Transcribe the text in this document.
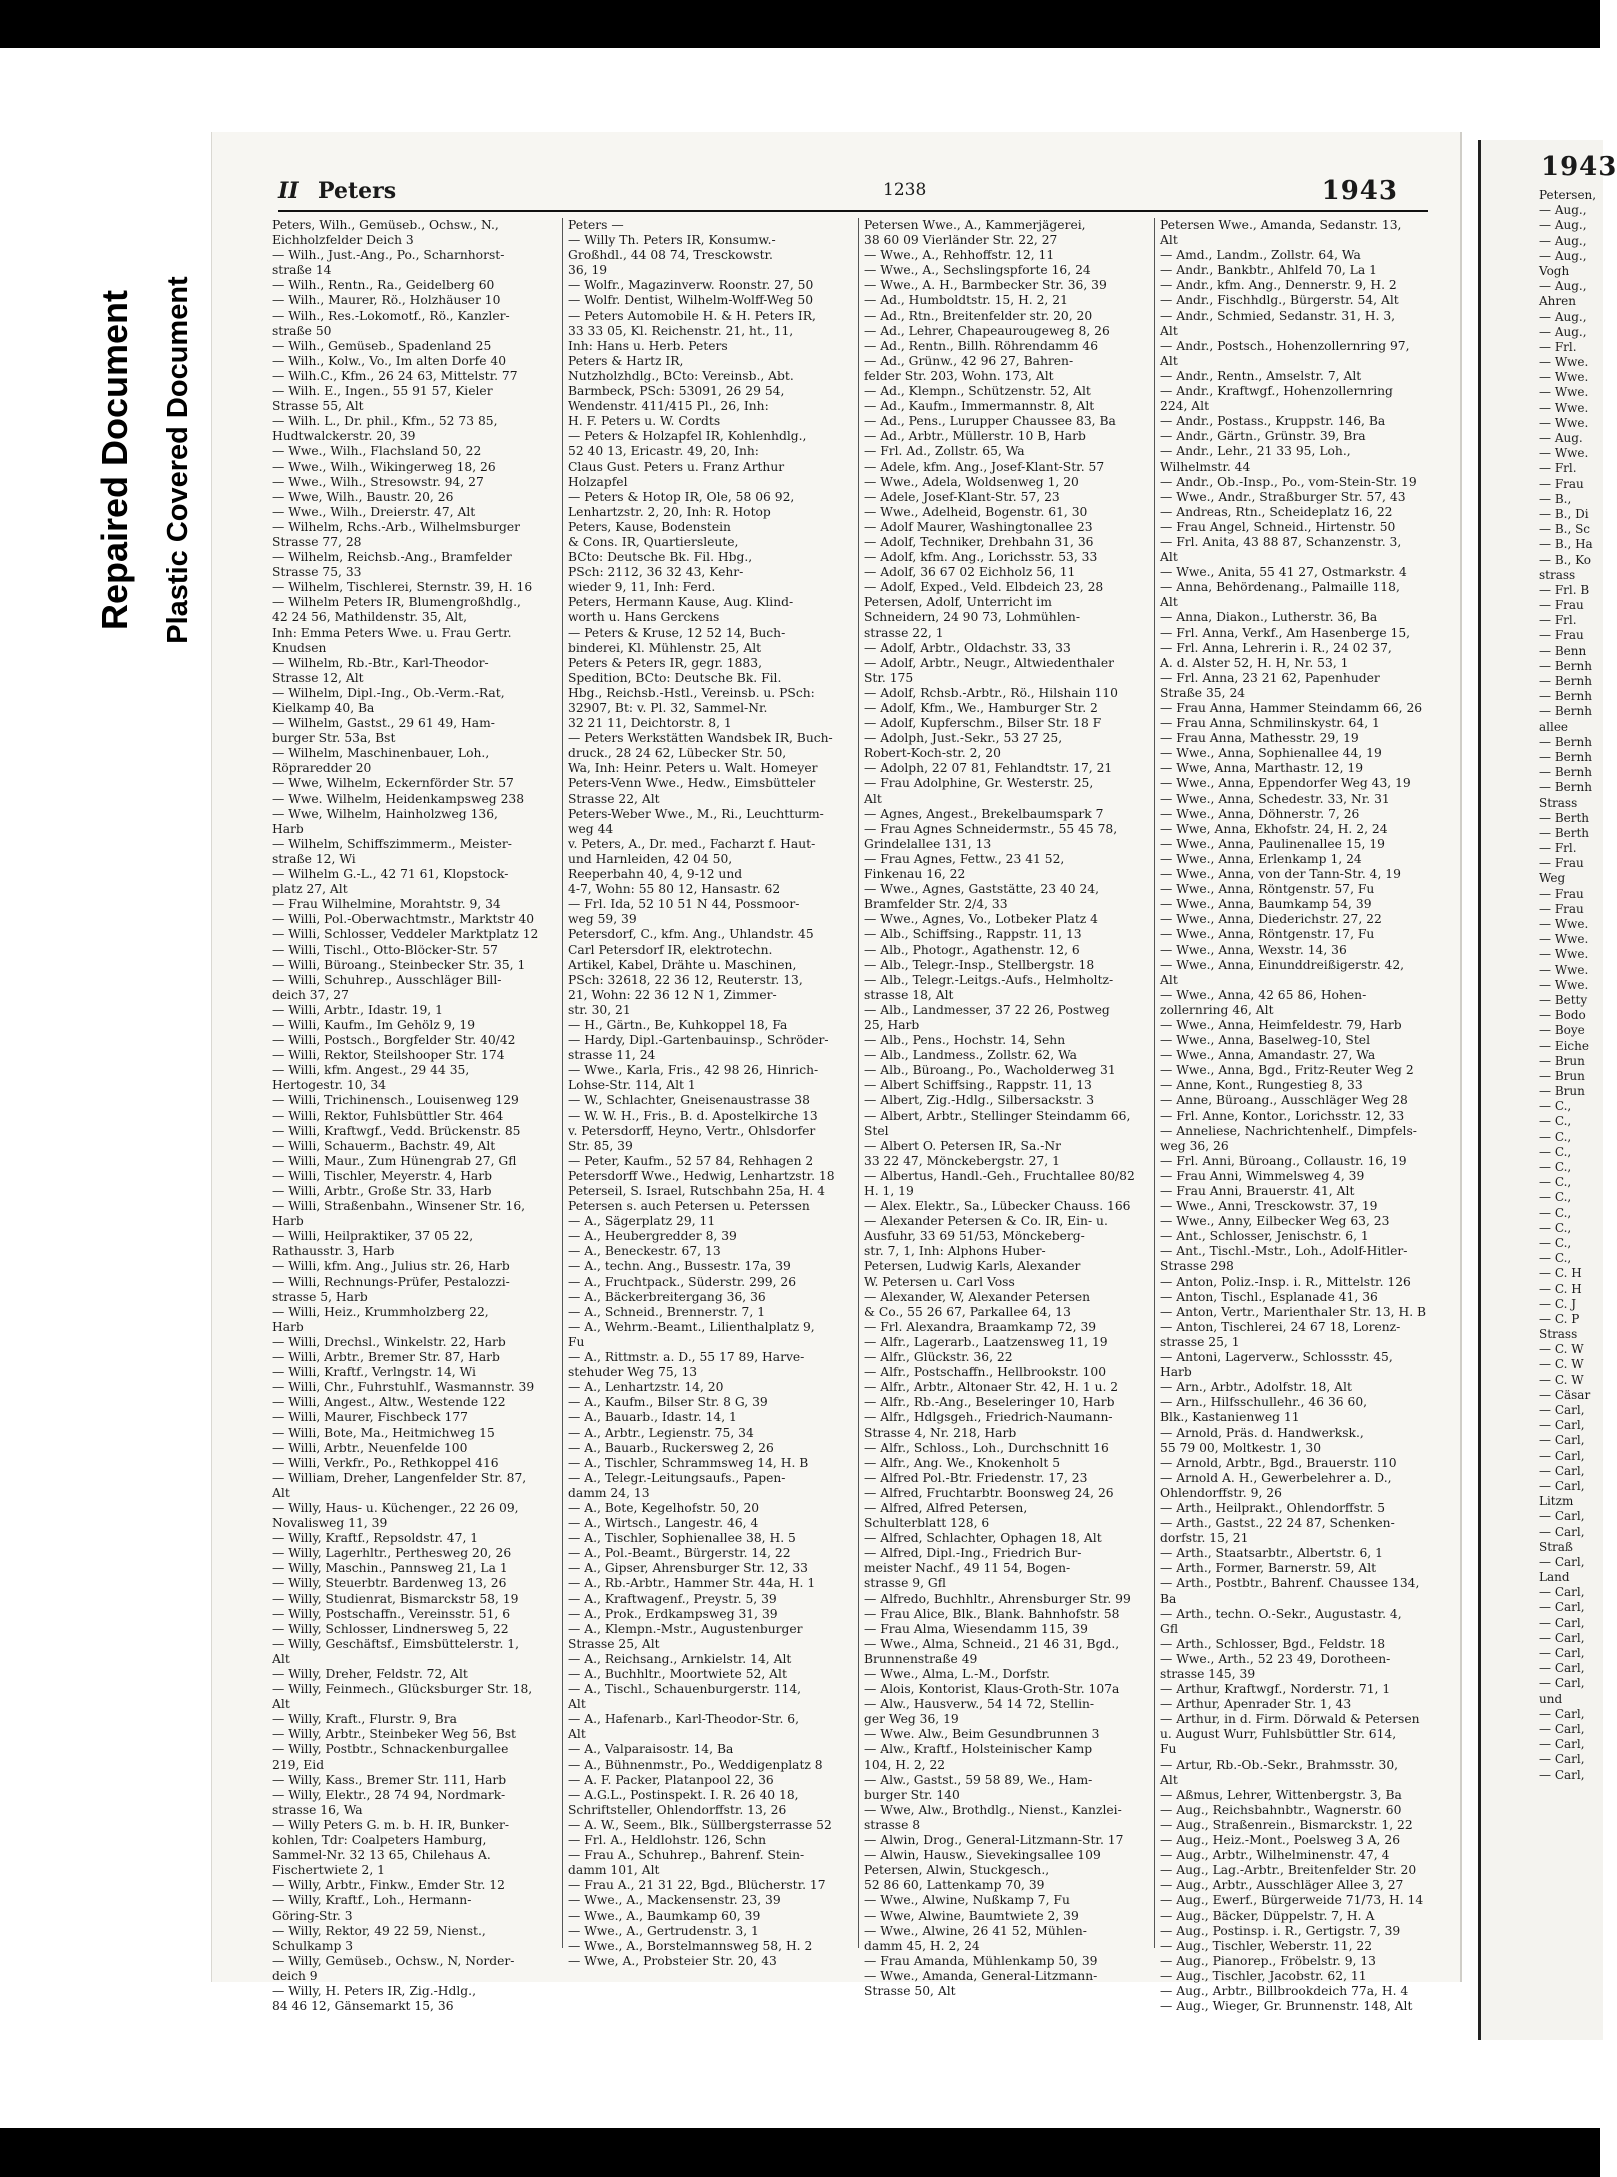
Repaired Document Plastic Covered Document
II Peters	1238	1943
Peters, Wilh., Gemüseb., Ochsw., N.,
Eichholzfelder Deich 3
— Wilh., Just.-Ang., Po., Scharnhorst-
straße 14
— Wilh., Rentn., Ra., Geidelberg 60
— Wilh., Maurer, Rö., Holzhäuser 10
— Wilh., Res.-Lokomotf., Rö., Kanzler-
straße 50
— Wilh., Gemüseb., Spadenland 25
— Wilh., Kolw., Vo., Im alten Dorfe 40
— Wilh.C., Kfm., 26 24 63, Mittelstr. 77
— Wilh. E., Ingen., 55 91 57, Kieler
Strasse 55, Alt
— Wilh. L., Dr. phil., Kfm., 52 73 85,
Hudtwalckerstr. 20, 39
— Wwe., Wilh., Flachsland 50, 22
— Wwe., Wilh., Wikingerweg 18, 26
— Wwe., Wilh., Stresowstr. 94, 27
— Wwe, Wilh., Baustr. 20, 26
— Wwe., Wilh., Dreierstr. 47, Alt
— Wilhelm, Rchs.-Arb., Wilhelmsburger
Strasse 77, 28
— Wilhelm, Reichsb.-Ang., Bramfelder
Strasse 75, 33
— Wilhelm, Tischlerei, Sternstr. 39, H. 16
— Wilhelm Peters IR, Blumengroßhdlg.,
42 24 56, Mathildenstr. 35, Alt,
Inh: Emma Peters Wwe. u. Frau Gertr.
Knudsen
— Wilhelm, Rb.-Btr., Karl-Theodor-
Strasse 12, Alt
— Wilhelm, Dipl.-Ing., Ob.-Verm.-Rat,
Kielkamp 40, Ba
— Wilhelm, Gastst., 29 61 49, Ham-
burger Str. 53a, Bst
— Wilhelm, Maschinenbauer, Loh.,
Röpraredder 20
— Wwe, Wilhelm, Eckernförder Str. 57
— Wwe. Wilhelm, Heidenkampsweg 238
— Wwe, Wilhelm, Hainholzweg 136,
Harb
— Wilhelm, Schiffszimmerm., Meister-
straße 12, Wi
— Wilhelm G.-L., 42 71 61, Klopstock-
platz 27, Alt
— Frau Wilhelmine, Morahtstr. 9, 34
— Willi, Pol.-Oberwachtmstr., Marktstr 40
— Willi, Schlosser, Veddeler Marktplatz 12
— Willi, Tischl., Otto-Blöcker-Str. 57
— Willi, Büroang., Steinbecker Str. 35, 1
— Willi, Schuhrep., Ausschläger Bill-
deich 37, 27
— Willi, Arbtr., Idastr. 19, 1
— Willi, Kaufm., Im Gehölz 9, 19
— Willi, Postsch., Borgfelder Str. 40/42
— Willi, Rektor, Steilshooper Str. 174
— Willi, kfm. Angest., 29 44 35,
Hertogestr. 10, 34
— Willi, Trichinensch., Louisenweg 129
— Willi, Rektor, Fuhlsbüttler Str. 464
— Willi, Kraftwgf., Vedd. Brückenstr. 85
— Willi, Schauerm., Bachstr. 49, Alt
— Willi, Maur., Zum Hünengrab 27, Gfl
— Willi, Tischler, Meyerstr. 4, Harb
— Willi, Arbtr., Große Str. 33, Harb
— Willi, Straßenbahn., Winsener Str. 16,
Harb
— Willi, Heilpraktiker, 37 05 22,
Rathausstr. 3, Harb
— Willi, kfm. Ang., Julius str. 26, Harb
— Willi, Rechnungs-Prüfer, Pestalozzi-
strasse 5, Harb
— Willi, Heiz., Krummholzberg 22,
Harb
— Willi, Drechsl., Winkelstr. 22, Harb
— Willi, Arbtr., Bremer Str. 87, Harb
— Willi, Kraftf., Verlngstr. 14, Wi
— Willi, Chr., Fuhrstuhlf., Wasmannstr. 39
— Willi, Angest., Altw., Westende 122
— Willi, Maurer, Fischbeck 177
— Willi, Bote, Ma., Heitmichweg 15
— Willi, Arbtr., Neuenfelde 100
— Willi, Verkfr., Po., Rethkoppel 416
— William, Dreher, Langenfelder Str. 87,
Alt
— Willy, Haus- u. Küchenger., 22 26 09,
Novalisweg 11, 39
— Willy, Kraftf., Repsoldstr. 47, 1
— Willy, Lagerhltr., Perthesweg 20, 26
— Willy, Maschin., Pannsweg 21, La 1
— Willy, Steuerbtr. Bardenweg 13, 26
— Willy, Studienrat, Bismarckstr 58, 19
— Willy, Postschaffn., Vereinsstr. 51, 6
— Willy, Schlosser, Lindnersweg 5, 22
— Willy, Geschäftsf., Eimsbüttelerstr. 1,
Alt
— Willy, Dreher, Feldstr. 72, Alt
— Willy, Feinmech., Glücksburger Str. 18,
Alt
— Willy, Kraft., Flurstr. 9, Bra
— Willy, Arbtr., Steinbeker Weg 56, Bst
— Willy, Postbtr., Schnackenburgallee
219, Eid
— Willy, Kass., Bremer Str. 111, Harb
— Willy, Elektr., 28 74 94, Nordmark-
strasse 16, Wa
— Willy Peters G. m. b. H. IR, Bunker-
kohlen, Tdr: Coalpeters Hamburg,
Sammel-Nr. 32 13 65, Chilehaus A.
Fischertwiete 2, 1
— Willy, Arbtr., Finkw., Emder Str. 12
— Willy, Kraftf., Loh., Hermann-
Göring-Str. 3
— Willy, Rektor, 49 22 59, Nienst.,
Schulkamp 3
— Willy, Gemüseb., Ochsw., N, Norder-
deich 9
— Willy, H. Peters IR, Zig.-Hdlg.,
84 46 12, Gänsemarkt 15, 36
Peters —
— Willy Th. Peters IR, Konsumw.-
Großhdl., 44 08 74, Tresckowstr.
36, 19
— Wolfr., Magazinverw. Roonstr. 27, 50
— Wolfr. Dentist, Wilhelm-Wolff-Weg 50
— Peters Automobile H. & H. Peters IR,
33 33 05, Kl. Reichenstr. 21, ht., 11,
Inh: Hans u. Herb. Peters
Peters & Hartz IR,
Nutzholzhdlg., BCto: Vereinsb., Abt.
Barmbeck, PSch: 53091, 26 29 54,
Wendenstr. 411/415 Pl., 26, Inh:
H. F. Peters u. W. Cordts
— Peters & Holzapfel IR, Kohlenhdlg.,
52 40 13, Ericastr. 49, 20, Inh:
Claus Gust. Peters u. Franz Arthur
Holzapfel
— Peters & Hotop IR, Ole, 58 06 92,
Lenhartzstr. 2, 20, Inh: R. Hotop
Peters, Kause, Bodenstein
& Cons. IR, Quartiersleute,
BCto: Deutsche Bk. Fil. Hbg.,
PSch: 2112, 36 32 43, Kehr-
wieder 9, 11, Inh: Ferd.
Peters, Hermann Kause, Aug. Klind-
worth u. Hans Gerckens
— Peters & Kruse, 12 52 14, Buch-
binderei, Kl. Mühlenstr. 25, Alt
Peters & Peters IR, gegr. 1883,
Spedition, BCto: Deutsche Bk. Fil.
Hbg., Reichsb.-Hstl., Vereinsb. u. PSch:
32907, Bt: v. Pl. 32, Sammel-Nr.
32 21 11, Deichtorstr. 8, 1
— Peters Werkstätten Wandsbek IR, Buch-
druck., 28 24 62, Lübecker Str. 50,
Wa, Inh: Heinr. Peters u. Walt. Homeyer
Peters-Venn Wwe., Hedw., Eimsbütteler
Strasse 22, Alt
Peters-Weber Wwe., M., Ri., Leuchtturm-
weg 44
v. Peters, A., Dr. med., Facharzt f. Haut-
und Harnleiden, 42 04 50,
Reeperbahn 40, 4, 9-12 und
4-7, Wohn: 55 80 12, Hansastr. 62
— Frl. Ida, 52 10 51 N 44, Possmoor-
weg 59, 39
Petersdorf, C., kfm. Ang., Uhlandstr. 45
Carl Petersdorf IR, elektrotechn.
Artikel, Kabel, Drähte u. Maschinen,
PSch: 32618, 22 36 12, Reuterstr. 13,
21, Wohn: 22 36 12 N 1, Zimmer-
str. 30, 21
— H., Gärtn., Be, Kuhkoppel 18, Fa
— Hardy, Dipl.-Gartenbauinsp., Schröder-
strasse 11, 24
— Wwe., Karla, Fris., 42 98 26, Hinrich-
Lohse-Str. 114, Alt 1
— W., Schlachter, Gneisenaustrasse 38
— W. W. H., Fris., B. d. Apostelkirche 13
v. Petersdorff, Heyno, Vertr., Ohlsdorfer
Str. 85, 39
— Peter, Kaufm., 52 57 84, Rehhagen 2
Petersdorff Wwe., Hedwig, Lenhartzstr. 18
Peterseil, S. Israel, Rutschbahn 25a, H. 4
Petersen s. auch Petersen u. Peterssen
— A., Sägerplatz 29, 11
— A., Heubergredder 8, 39
— A., Beneckestr. 67, 13
— A., techn. Ang., Bussestr. 17a, 39
— A., Fruchtpack., Süderstr. 299, 26
— A., Bäckerbreitergang 36, 36
— A., Schneid., Brennerstr. 7, 1
— A., Wehrm.-Beamt., Lilienthalplatz 9,
Fu
— A., Rittmstr. a. D., 55 17 89, Harve-
stehuder Weg 75, 13
— A., Lenhartzstr. 14, 20
— A., Kaufm., Bilser Str. 8 G, 39
— A., Bauarb., Idastr. 14, 1
— A., Arbtr., Legienstr. 75, 34
— A., Bauarb., Ruckersweg 2, 26
— A., Tischler, Schrammsweg 14, H. B
— A., Telegr.-Leitungsaufs., Papen-
damm 24, 13
— A., Bote, Kegelhofstr. 50, 20
— A., Wirtsch., Langestr. 46, 4
— A., Tischler, Sophienallee 38, H. 5
— A., Pol.-Beamt., Bürgerstr. 14, 22
— A., Gipser, Ahrensburger Str. 12, 33
— A., Rb.-Arbtr., Hammer Str. 44a, H. 1
— A., Kraftwagenf., Preystr. 5, 39
— A., Prok., Erdkampsweg 31, 39
— A., Klempn.-Mstr., Augustenburger
Strasse 25, Alt
— A., Reichsang., Arnkielstr. 14, Alt
— A., Buchhltr., Moortwiete 52, Alt
— A., Tischl., Schauenburgerstr. 114,
Alt
— A., Hafenarb., Karl-Theodor-Str. 6,
Alt
— A., Valparaisostr. 14, Ba
— A., Bühnenmstr., Po., Weddigenplatz 8
— A. F. Packer, Platanpool 22, 36
— A.G.L., Postinspekt. I. R. 26 40 18,
Schriftsteller, Ohlendorffstr. 13, 26
— A. W., Seem., Blk., Süllbergsterrasse 52
— Frl. A., Heldlohstr. 126, Schn
— Frau A., Schuhrep., Bahrenf. Stein-
damm 101, Alt
— Frau A., 21 31 22, Bgd., Blücherstr. 17
— Wwe., A., Mackensenstr. 23, 39
— Wwe., A., Baumkamp 60, 39
— Wwe., A., Gertrudenstr. 3, 1
— Wwe., A., Borstelmannsweg 58, H. 2
— Wwe, A., Probsteier Str. 20, 43
Petersen Wwe., A., Kammerjägerei,
38 60 09 Vierländer Str. 22, 27
— Wwe., A., Rehhoffstr. 12, 11
— Wwe., A., Sechslingspforte 16, 24
— Wwe., A. H., Barmbecker Str. 36, 39
— Ad., Humboldtstr. 15, H. 2, 21
— Ad., Rtn., Breitenfelder str. 20, 20
— Ad., Lehrer, Chapeaurougeweg 8, 26
— Ad., Rentn., Billh. Röhrendamm 46
— Ad., Grünw., 42 96 27, Bahren-
felder Str. 203, Wohn. 173, Alt
— Ad., Klempn., Schützenstr. 52, Alt
— Ad., Kaufm., Immermannstr. 8, Alt
— Ad., Pens., Lurupper Chaussee 83, Ba
— Ad., Arbtr., Müllerstr. 10 B, Harb
— Frl. Ad., Zollstr. 65, Wa
— Adele, kfm. Ang., Josef-Klant-Str. 57
— Wwe., Adela, Woldsenweg 1, 20
— Adele, Josef-Klant-Str. 57, 23
— Wwe., Adelheid, Bogenstr. 61, 30
— Adolf Maurer, Washingtonallee 23
— Adolf, Techniker, Drehbahn 31, 36
— Adolf, kfm. Ang., Lorichsstr. 53, 33
— Adolf, 36 67 02 Eichholz 56, 11
— Adolf, Exped., Veld. Elbdeich 23, 28
Petersen, Adolf, Unterricht im
Schneidern, 24 90 73, Lohmühlen-
strasse 22, 1
— Adolf, Arbtr., Oldachstr. 33, 33
— Adolf, Arbtr., Neugr., Altwiedenthaler
Str. 175
— Adolf, Rchsb.-Arbtr., Rö., Hilshain 110
— Adolf, Kfm., We., Hamburger Str. 2
— Adolf, Kupferschm., Bilser Str. 18 F
— Adolph, Just.-Sekr., 53 27 25,
Robert-Koch-str. 2, 20
— Adolph, 22 07 81, Fehlandtstr. 17, 21
— Frau Adolphine, Gr. Westerstr. 25,
Alt
— Agnes, Angest., Brekelbaumspark 7
— Frau Agnes Schneidermstr., 55 45 78,
Grindelallee 131, 13
— Frau Agnes, Fettw., 23 41 52,
Finkenau 16, 22
— Wwe., Agnes, Gaststätte, 23 40 24,
Bramfelder Str. 2/4, 33
— Wwe., Agnes, Vo., Lotbeker Platz 4
— Alb., Schiffsing., Rappstr. 11, 13
— Alb., Photogr., Agathenstr. 12, 6
— Alb., Telegr.-Insp., Stellbergstr. 18
— Alb., Telegr.-Leitgs.-Aufs., Helmholtz-
strasse 18, Alt
— Alb., Landmesser, 37 22 26, Postweg
25, Harb
— Alb., Pens., Hochstr. 14, Sehn
— Alb., Landmess., Zollstr. 62, Wa
— Alb., Büroang., Po., Wacholderweg 31
— Albert Schiffsing., Rappstr. 11, 13
— Albert, Zig.-Hdlg., Silbersackstr. 3
— Albert, Arbtr., Stellinger Steindamm 66,
Stel
— Albert O. Petersen IR, Sa.-Nr
33 22 47, Mönckebergstr. 27, 1
— Albertus, Handl.-Geh., Fruchtallee 80/82
H. 1, 19
— Alex. Elektr., Sa., Lübecker Chauss. 166
— Alexander Petersen & Co. IR, Ein- u.
Ausfuhr, 33 69 51/53, Mönckeberg-
str. 7, 1, Inh: Alphons Huber-
Petersen, Ludwig Karls, Alexander
W. Petersen u. Carl Voss
— Alexander, W, Alexander Petersen
& Co., 55 26 67, Parkallee 64, 13
— Frl. Alexandra, Braamkamp 72, 39
— Alfr., Lagerarb., Laatzensweg 11, 19
— Alfr., Glückstr. 36, 22
— Alfr., Postschaffn., Hellbrookstr. 100
— Alfr., Arbtr., Altonaer Str. 42, H. 1 u. 2
— Alfr., Rb.-Ang., Beseleringer 10, Harb
— Alfr., Hdlgsgeh., Friedrich-Naumann-
Strasse 4, Nr. 218, Harb
— Alfr., Schloss., Loh., Durchschnitt 16
— Alfr., Ang. We., Knokenholt 5
— Alfred Pol.-Btr. Friedenstr. 17, 23
— Alfred, Fruchtarbtr. Boonsweg 24, 26
— Alfred, Alfred Petersen,
Schulterblatt 128, 6
— Alfred, Schlachter, Ophagen 18, Alt
— Alfred, Dipl.-Ing., Friedrich Bur-
meister Nachf., 49 11 54, Bogen-
strasse 9, Gfl
— Alfredo, Buchhltr., Ahrensburger Str. 99
— Frau Alice, Blk., Blank. Bahnhofstr. 58
— Frau Alma, Wiesendamm 115, 39
— Wwe., Alma, Schneid., 21 46 31, Bgd.,
Brunnenstraße 49
— Wwe., Alma, L.-M., Dorfstr.
— Alois, Kontorist, Klaus-Groth-Str. 107a
— Alw., Hausverw., 54 14 72, Stellin-
ger Weg 36, 19
— Wwe. Alw., Beim Gesundbrunnen 3
— Alw., Kraftf., Holsteinischer Kamp
104, H. 2, 22
— Alw., Gastst., 59 58 89, We., Ham-
burger Str. 140
— Wwe, Alw., Brothdlg., Nienst., Kanzlei-
strasse 8
— Alwin, Drog., General-Litzmann-Str. 17
— Alwin, Hausw., Sievekingsallee 109
Petersen, Alwin, Stuckgesch.,
52 86 60, Lattenkamp 70, 39
— Wwe., Alwine, Nußkamp 7, Fu
— Wwe, Alwine, Baumtwiete 2, 39
— Wwe., Alwine, 26 41 52, Mühlen-
damm 45, H. 2, 24
— Frau Amanda, Mühlenkamp 50, 39
— Wwe., Amanda, General-Litzmann-
Strasse 50, Alt
Petersen Wwe., Amanda, Sedanstr. 13,
Alt
— Amd., Landm., Zollstr. 64, Wa
— Andr., Bankbtr., Ahlfeld 70, La 1
— Andr., kfm. Ang., Dennerstr. 9, H. 2
— Andr., Fischhdlg., Bürgerstr. 54, Alt
— Andr., Schmied, Sedanstr. 31, H. 3,
Alt
— Andr., Postsch., Hohenzollernring 97,
Alt
— Andr., Rentn., Amselstr. 7, Alt
— Andr., Kraftwgf., Hohenzollernring
224, Alt
— Andr., Postass., Kruppstr. 146, Ba
— Andr., Gärtn., Grünstr. 39, Bra
— Andr., Lehr., 21 33 95, Loh.,
Wilhelmstr. 44
— Andr., Ob.-Insp., Po., vom-Stein-Str. 19
— Wwe., Andr., Straßburger Str. 57, 43
— Andreas, Rtn., Scheideplatz 16, 22
— Frau Angel, Schneid., Hirtenstr. 50
— Frl. Anita, 43 88 87, Schanzenstr. 3,
Alt
— Wwe., Anita, 55 41 27, Ostmarkstr. 4
— Anna, Behördenang., Palmaille 118,
Alt
— Anna, Diakon., Lutherstr. 36, Ba
— Frl. Anna, Verkf., Am Hasenberge 15,
— Frl. Anna, Lehrerin i. R., 24 02 37,
A. d. Alster 52, H. H, Nr. 53, 1
— Frl. Anna, 23 21 62, Papenhuder
Straße 35, 24
— Frau Anna, Hammer Steindamm 66, 26
— Frau Anna, Schmilinskystr. 64, 1
— Frau Anna, Mathesstr. 29, 19
— Wwe., Anna, Sophienallee 44, 19
— Wwe, Anna, Marthastr. 12, 19
— Wwe., Anna, Eppendorfer Weg 43, 19
— Wwe., Anna, Schedestr. 33, Nr. 31
— Wwe., Anna, Döhnerstr. 7, 26
— Wwe, Anna, Ekhofstr. 24, H. 2, 24
— Wwe., Anna, Paulinenallee 15, 19
— Wwe., Anna, Erlenkamp 1, 24
— Wwe., Anna, von der Tann-Str. 4, 19
— Wwe., Anna, Röntgenstr. 57, Fu
— Wwe., Anna, Baumkamp 54, 39
— Wwe., Anna, Diederichstr. 27, 22
— Wwe., Anna, Röntgenstr. 17, Fu
— Wwe., Anna, Wexstr. 14, 36
— Wwe., Anna, Einunddreißigerstr. 42,
Alt
— Wwe., Anna, 42 65 86, Hohen-
zollernring 46, Alt
— Wwe., Anna, Heimfeldestr. 79, Harb
— Wwe., Anna, Baselweg-10, Stel
— Wwe., Anna, Amandastr. 27, Wa
— Wwe., Anna, Bgd., Fritz-Reuter Weg 2
— Anne, Kont., Rungestieg 8, 33
— Anne, Büroang., Ausschläger Weg 28
— Frl. Anne, Kontor., Lorichsstr. 12, 33
— Anneliese, Nachrichtenhelf., Dimpfels-
weg 36, 26
— Frl. Anni, Büroang., Collaustr. 16, 19
— Frau Anni, Wimmelsweg 4, 39
— Frau Anni, Brauerstr. 41, Alt
— Wwe., Anni, Tresckowstr. 37, 19
— Wwe., Anny, Eilbecker Weg 63, 23
— Ant., Schlosser, Jenischstr. 6, 1
— Ant., Tischl.-Mstr., Loh., Adolf-Hitler-
Strasse 298
— Anton, Poliz.-Insp. i. R., Mittelstr. 126
— Anton, Tischl., Esplanade 41, 36
— Anton, Vertr., Marienthaler Str. 13, H. B
— Anton, Tischlerei, 24 67 18, Lorenz-
strasse 25, 1
— Antoni, Lagerverw., Schlossstr. 45,
Harb
— Arn., Arbtr., Adolfstr. 18, Alt
— Arn., Hilfsschullehr., 46 36 60,
Blk., Kastanienweg 11
— Arnold, Präs. d. Handwerksk.,
55 79 00, Moltkestr. 1, 30
— Arnold, Arbtr., Bgd., Brauerstr. 110
— Arnold A. H., Gewerbelehrer a. D.,
Ohlendorffstr. 9, 26
— Arth., Heilprakt., Ohlendorffstr. 5
— Arth., Gastst., 22 24 87, Schenken-
dorfstr. 15, 21
— Arth., Staatsarbtr., Albertstr. 6, 1
— Arth., Former, Barnerstr. 59, Alt
— Arth., Postbtr., Bahrenf. Chaussee 134,
Ba
— Arth., techn. O.-Sekr., Augustastr. 4,
Gfl
— Arth., Schlosser, Bgd., Feldstr. 18
— Wwe., Arth., 52 23 49, Dorotheen-
strasse 145, 39
— Arthur, Kraftwgf., Norderstr. 71, 1
— Arthur, Apenrader Str. 1, 43
— Arthur, in d. Firm. Dörwald & Petersen
u. August Wurr, Fuhlsbüttler Str. 614,
Fu
— Artur, Rb.-Ob.-Sekr., Brahmsstr. 30,
Alt
— Aßmus, Lehrer, Wittenbergstr. 3, Ba
— Aug., Reichsbahnbtr., Wagnerstr. 60
— Aug., Straßenrein., Bismarckstr. 1, 22
— Aug., Heiz.-Mont., Poelsweg 3 A, 26
— Aug., Arbtr., Wilhelminenstr. 47, 4
— Aug., Lag.-Arbtr., Breitenfelder Str. 20
— Aug., Arbtr., Ausschläger Allee 3, 27
— Aug., Ewerf., Bürgerweide 71/73, H. 14
— Aug., Bäcker, Düppelstr. 7, H. A
— Aug., Postinsp. i. R., Gertigstr. 7, 39
— Aug., Tischler, Weberstr. 11, 22
— Aug., Pianorep., Fröbelstr. 9, 13
— Aug., Tischler, Jacobstr. 62, 11
— Aug., Arbtr., Billbrookdeich 77a, H. 4
— Aug., Wieger, Gr. Brunnenstr. 148, Alt
1943
Petersen,
— Aug.,
— Aug.,
— Aug.,
— Aug.,
Vogh
— Aug.,
Ahren
— Aug.,
— Aug.,
— Frl.
— Wwe.
— Wwe.
— Wwe.
— Wwe.
— Wwe.
— Aug.
— Wwe.
— Frl.
— Frau
— B.,
— B., Di
— B., Sc
— B., Ha
— B., Ko
strass
— Frl. B
— Frau
— Frl.
— Frau
— Benn
— Bernh
— Bernh
— Bernh
— Bernh
allee
— Bernh
— Bernh
— Bernh
— Bernh
Strass
— Berth
— Berth
— Frl.
— Frau
Weg
— Frau
— Frau
— Wwe.
— Wwe.
— Wwe.
— Wwe.
— Wwe.
— Betty
— Bodo
— Boye
— Eiche
— Brun
— Brun
— Brun
— C.,
— C.,
— C.,
— C.,
— C.,
— C.,
— C.,
— C.,
— C.,
— C.,
— C.,
— C. H
— C. H
— C. J
— C. P
Strass
— C. W
— C. W
— C. W
— Cäsar
— Carl,
— Carl,
— Carl,
— Carl,
— Carl,
— Carl,
Litzm
— Carl,
— Carl,
Straß
— Carl,
Land
— Carl,
— Carl,
— Carl,
— Carl,
— Carl,
— Carl,
— Carl,
und
— Carl,
— Carl,
— Carl,
— Carl,
— Carl,
